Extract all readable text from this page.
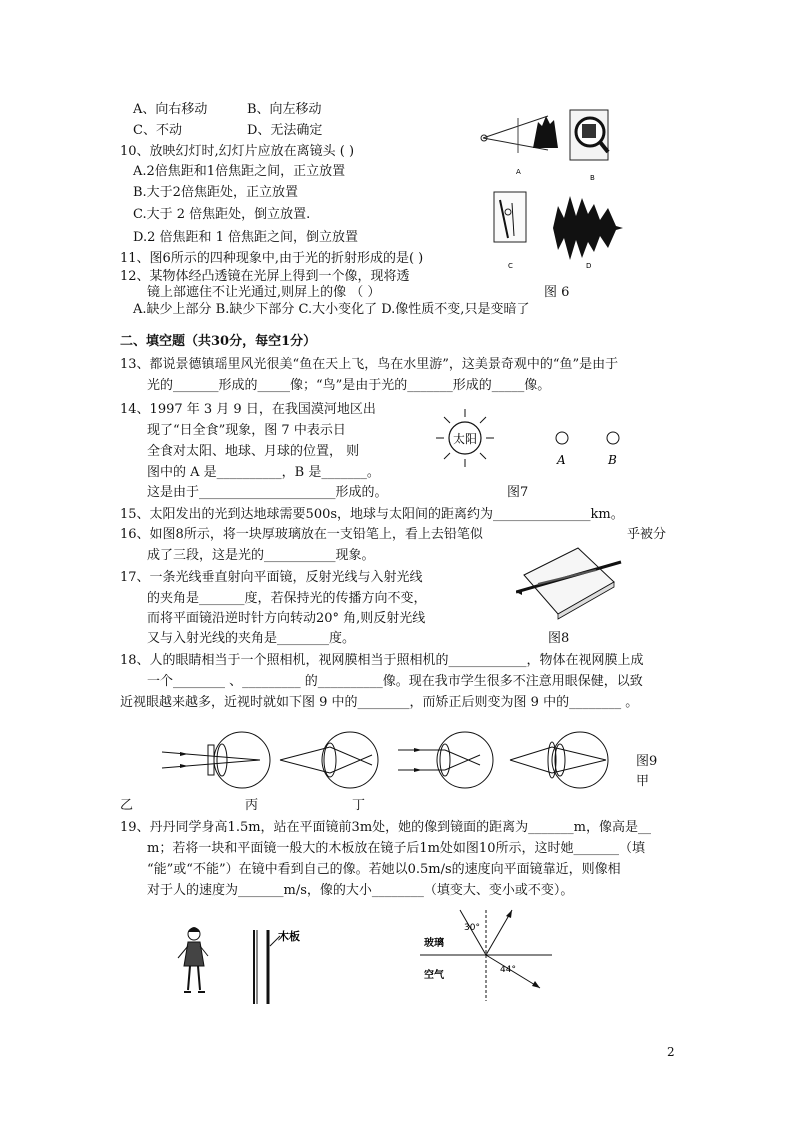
A、向右移动	B、向左移动
C、不动	D、无法确定
10、放映幻灯时,幻灯片应放在离镜头 ( )
A.2倍焦距和1倍焦距之间，正立放置
B.大于2倍焦距处，正立放置
C.大于 2 倍焦距处，倒立放置.
D.2 倍焦距和 1 倍焦距之间，倒立放置
11、图6所示的四种现象中,由于光的折射形成的是( )
12、某物体经凸透镜在光屏上得到一个像，现将透
镜上部遮住不让光通过,则屏上的像 （ ）	图 6
A.缺少上部分 B.缺少下部分 C.大小变化了 D.像性质不变,只是变暗了
二、填空题（共30分，每空1分）
13、都说景德镇瑶里风光很美“鱼在天上飞，鸟在水里游”，这美景奇观中的“鱼”是由于
光的_______形成的_____像；“鸟”是由于光的_______形成的_____像。
14、1997 年 3 月 9 日，在我国漠河地区出
现了“日全食”现象，图 7 中表示日
全食对太阳、地球、月球的位置， 则
图中的 A 是__________，B 是_______。
这是由于_____________________形成的。	图7
15、太阳发出的光到达地球需要500s，地球与太阳间的距离约为_______________km。
16、如图8所示，将一块厚玻璃放在一支铅笔上，看上去铅笔似	乎被分
成了三段，这是光的___________现象。
17、一条光线垂直射向平面镜，反射光线与入射光线
的夹角是_______度，若保持光的传播方向不变，
而将平面镜沿逆时针方向转动20° 角,则反射光线
又与入射光线的夹角是________度。	图8
18、人的眼睛相当于一个照相机，视网膜相当于照相机的____________，物体在视网膜上成
一个________ 、_________ 的__________像。现在我市学生很多不注意用眼保健，以致
近视眼越来越多，近视时就如下图 9 中的________，而矫正后则变为图 9 中的________ 。
图9
甲
乙	丙	丁
19、丹丹同学身高1.5m，站在平面镜前3m处，她的像到镜面的距离为_______m，像高是__
m；若将一块和平面镜一般大的木板放在镜子后1m处如图10所示，这时她_______（填
“能”或“不能”）在镜中看到自己的像。若她以0.5m/s的速度向平面镜靠近，则像相
对于人的速度为_______m/s，像的大小________（填变大、变小或不变）。
2
A
B
C	D
太阳
A	B
木板
玻璃
空气
30°
44°
